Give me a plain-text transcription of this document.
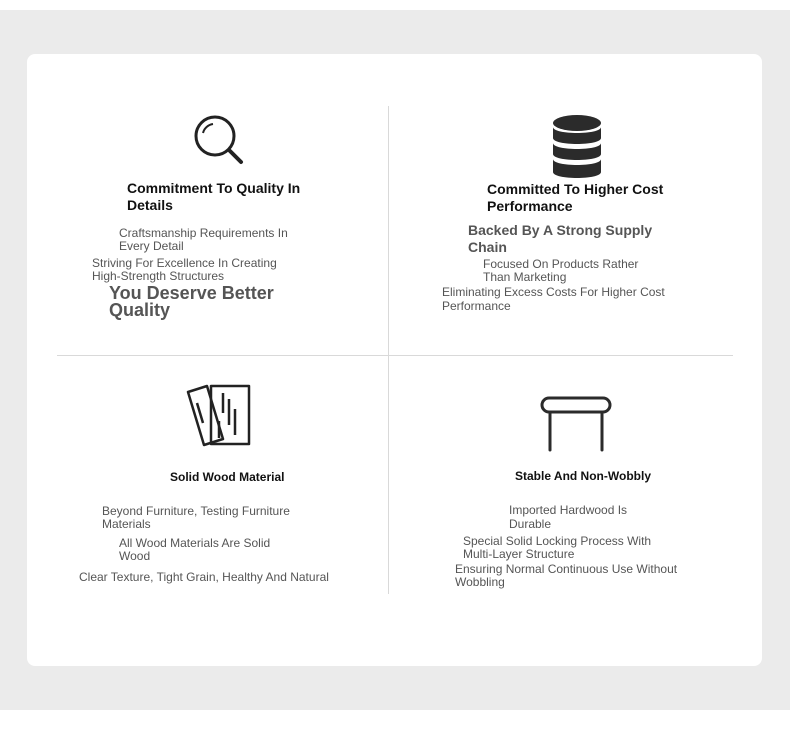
Commitment To Quality In Details
Craftsmanship Requirements In Every Detail
Striving For Excellence In Creating High-Strength Structures
You Deserve Better Quality
Committed To Higher Cost Performance
Backed By A Strong Supply Chain
Focused On Products Rather Than Marketing
Eliminating Excess Costs For Higher Cost Performance
Solid Wood Material
Beyond Furniture, Testing Furniture Materials
All Wood Materials Are Solid Wood
Clear Texture, Tight Grain, Healthy And Natural
Stable And Non-Wobbly
Imported Hardwood Is Durable
Special Solid Locking Process With Multi-Layer Structure
Ensuring Normal Continuous Use Without Wobbling
